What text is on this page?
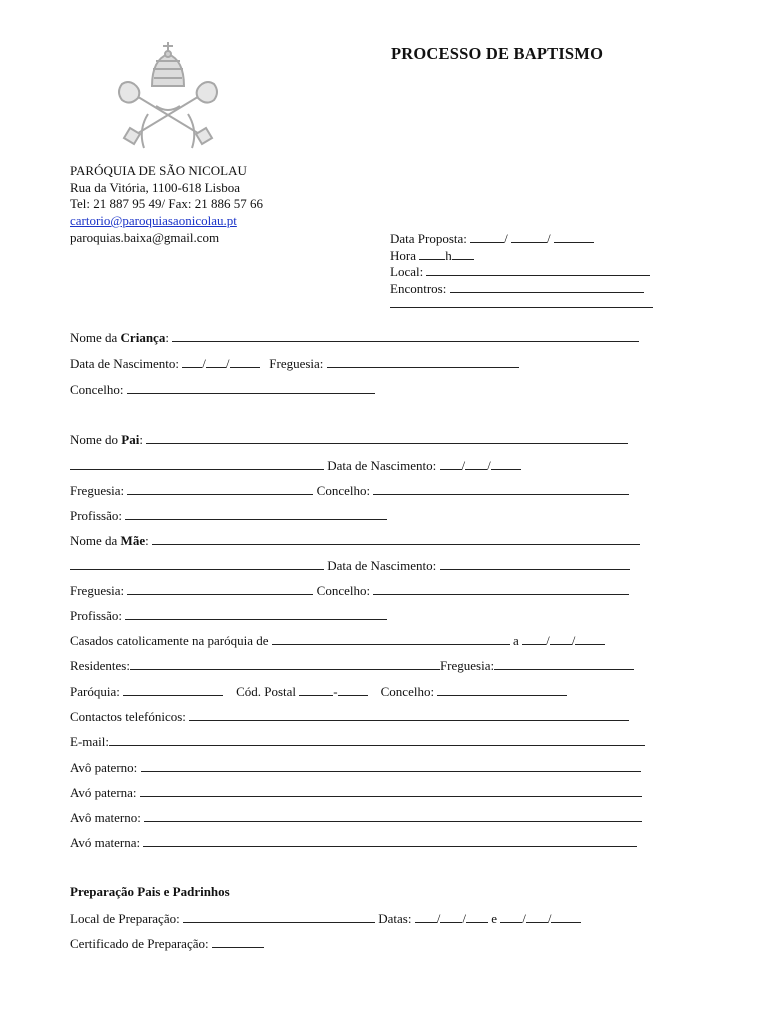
PROCESSO DE BAPTISMO
PARÓQUIA DE SÃO NICOLAU
Rua da Vitória, 1100-618 Lisboa
Tel: 21 887 95 49/ Fax: 21 886 57 66
cartorio@paroquiasaonicolau.pt
paroquias.baixa@gmail.com	Data Proposta:	/	/
Hora h
Local:
Encontros:
Nome da Criança:
Data de Nascimento: / /	Freguesia:
Concelho:
Nome do Pai:
Data de Nascimento: / /
Freguesia:	Concelho:
Profissão:
Nome da Mãe:
Data de Nascimento:
Freguesia:	Concelho:
Profissão:
Casados catolicamente na paróquia de	a / /
Residentes:	Freguesia:
Paróquia:	Cód. Postal	-	Concelho:
Contactos telefónicos:
E-mail:
Avô paterno:
Avó paterna:
Avô materno:
Avó materna:
Preparação Pais e Padrinhos
Local de Preparação:	Datas: / / e / /
Certificado de Preparação:
